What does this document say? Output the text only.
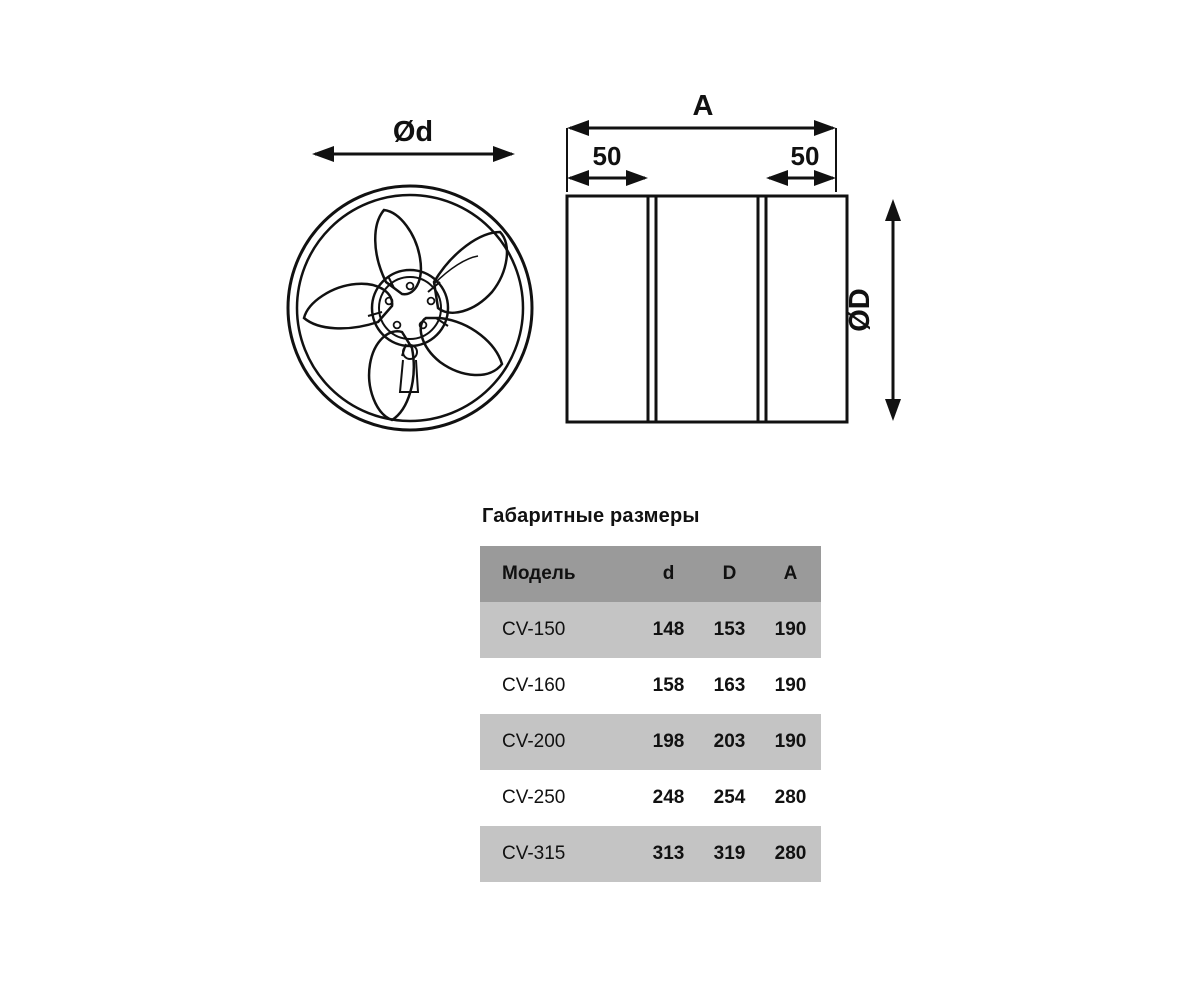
Ød
A
50	50
ØD
Габаритные размеры
Модель	d	D	A
CV-150	148	153	190
CV-160	158	163	190
CV-200	198	203	190
CV-250	248	254	280
CV-315	313	319	280
